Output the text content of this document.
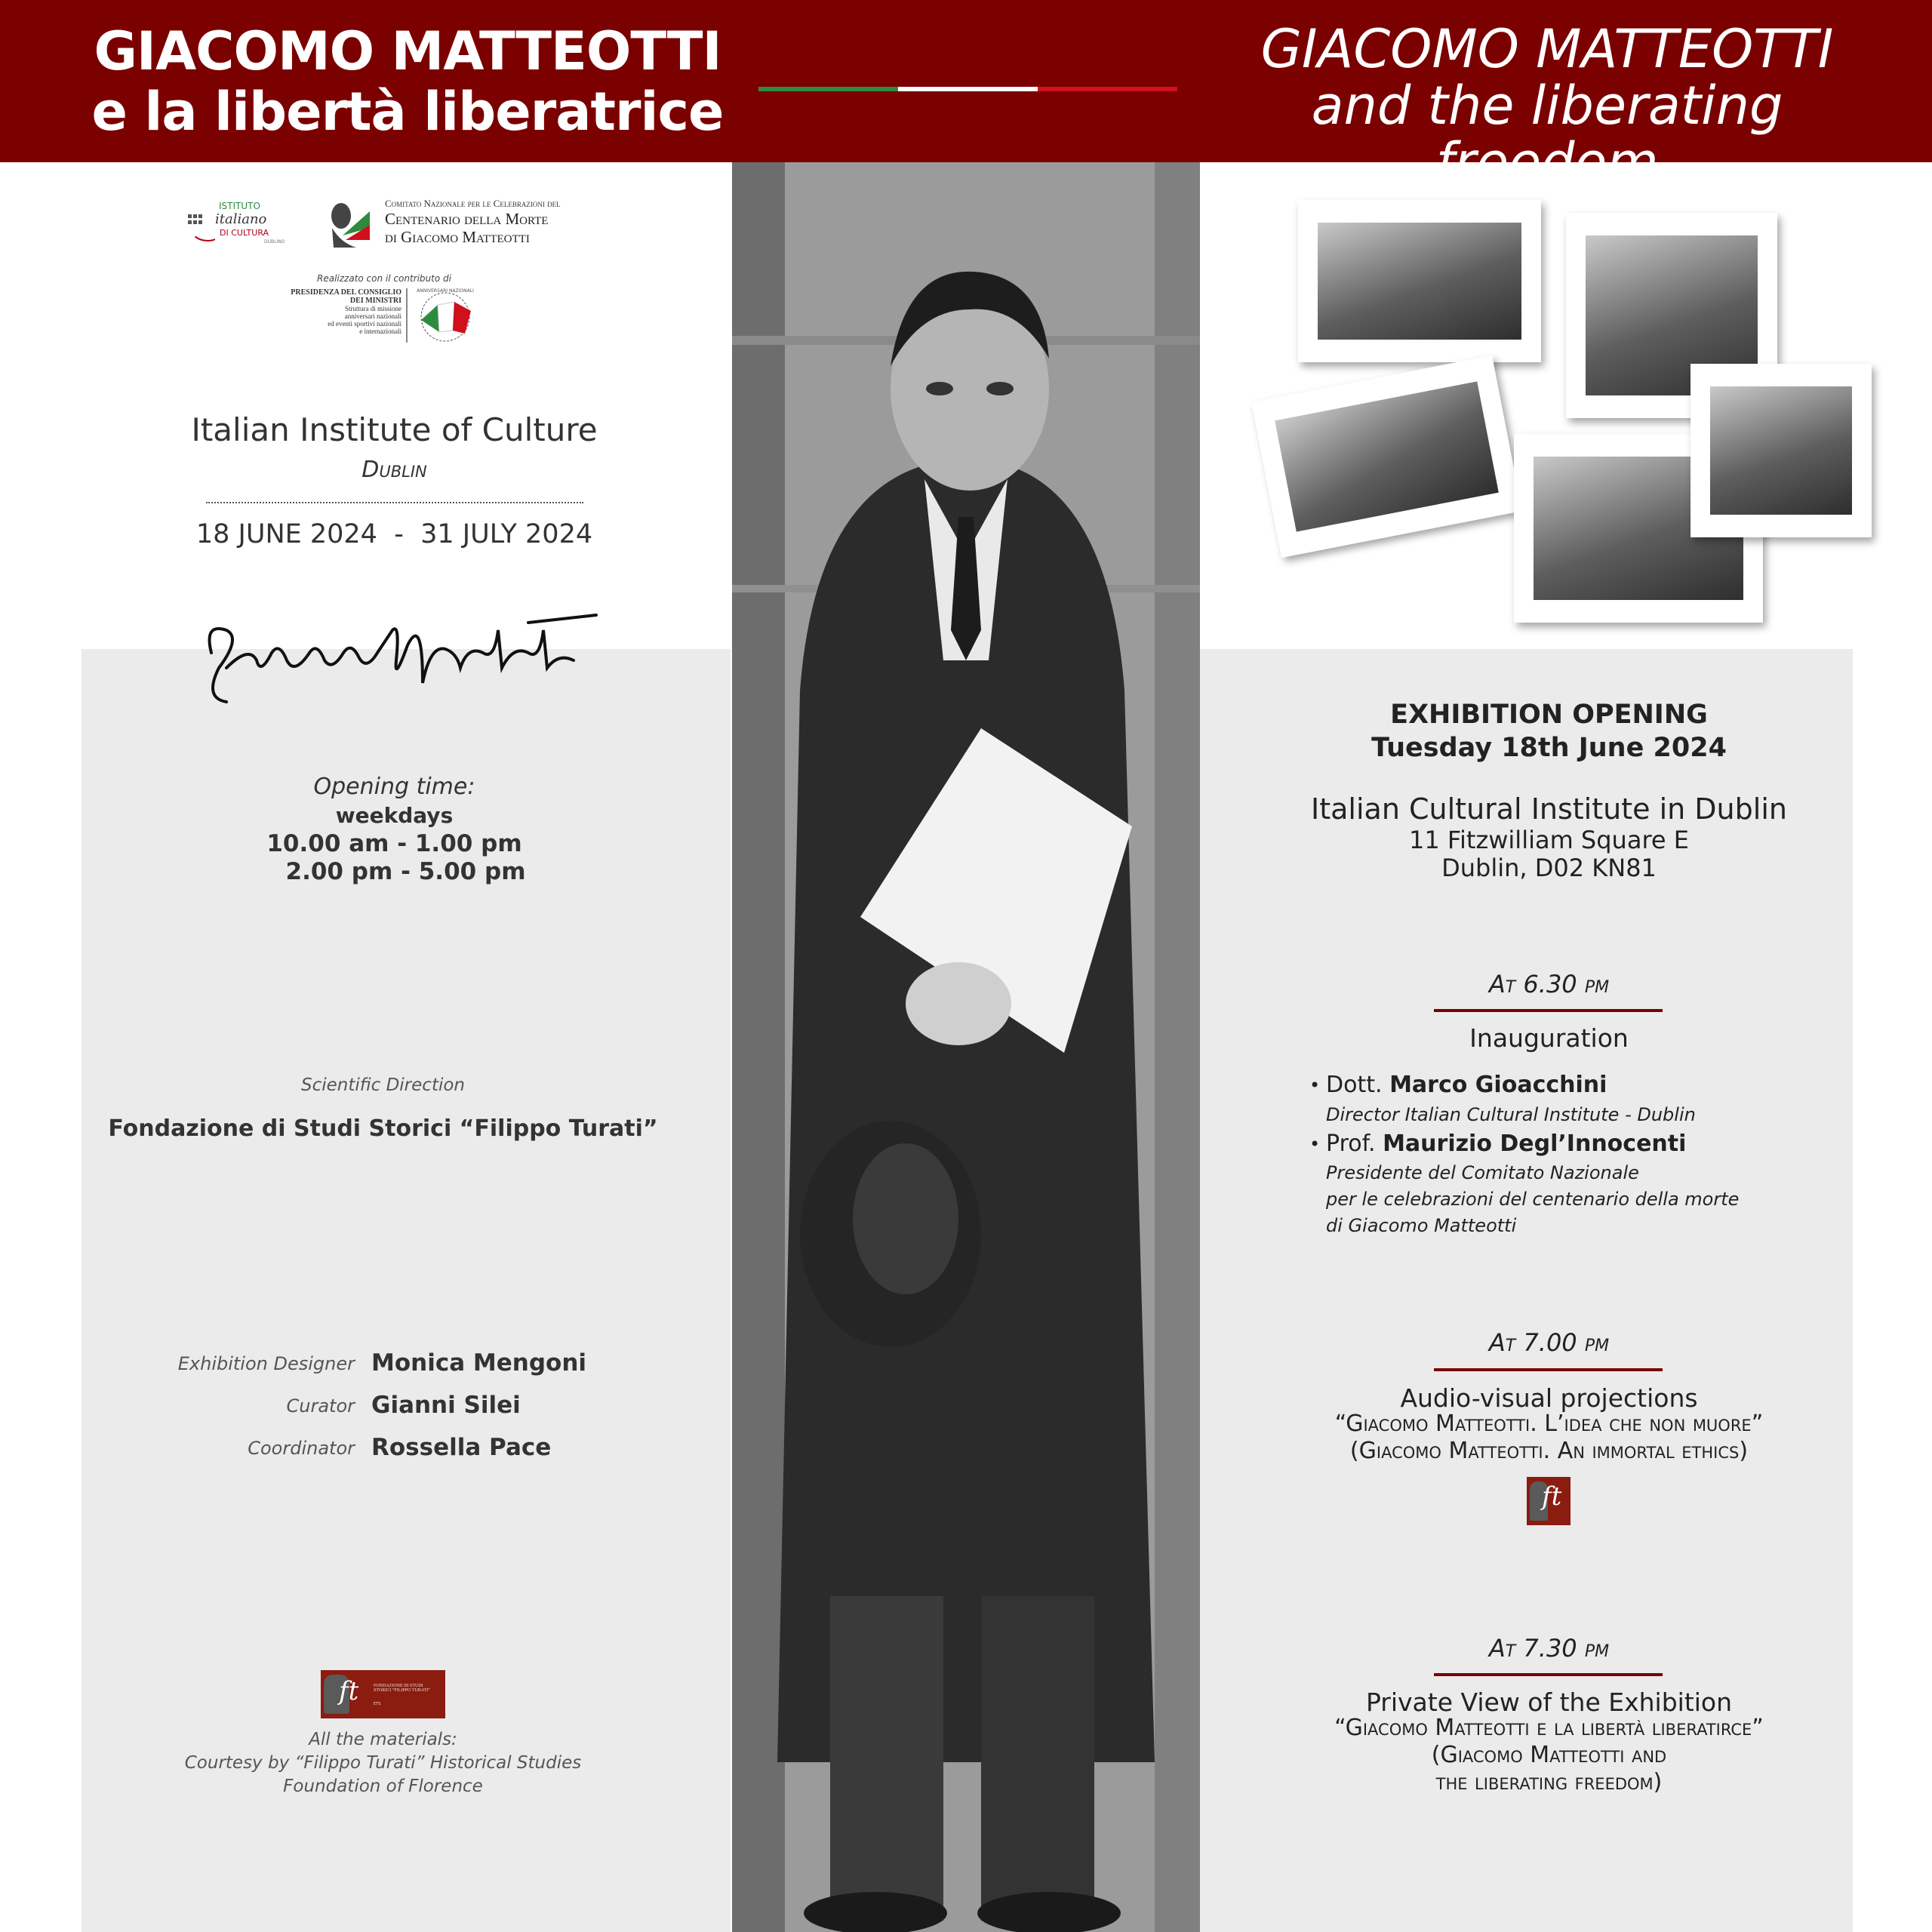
GIACOMO MATTEOTTI
e la libertà liberatrice
GIACOMO MATTEOTTI
and the liberating freedom
ISTITUTO
italiano
DI CULTURA
DUBLINO
Comitato Nazionale per le Celebrazioni del
Centenario della Morte
di Giacomo Matteotti
Realizzato con il contributo di
PRESIDENZA DEL CONSIGLIO
DEI MINISTRI
Struttura di missione
anniversari nazionali
ed eventi sportivi nazionali
e internazionali
ANNIVERSARI NAZIONALI
Italian Institute of Culture
Dublin
18 JUNE 2024  -  31 JULY 2024
Giacomo Matteotti
Opening time:
weekdays
10.00 am - 1.00 pm
2.00 pm - 5.00 pm
Scientific Direction
Fondazione di Studi Storici “Filippo Turati”
Exhibition Designer Monica Mengoni
Curator Gianni Silei
Coordinator Rossella Pace
ft	FONDAZIONE DI STUDI STORICI “FILIPPO TURATI”
ETS
All the materials:
Courtesy by “Filippo Turati” Historical Studies
Foundation of Florence
EXHIBITION OPENING
Tuesday 18th June 2024
Italian Cultural Institute in Dublin
11 Fitzwilliam Square E
Dublin, D02 KN81
At 6.30 pm
Inauguration
• Dott. Marco Gioacchini
Director Italian Cultural Institute - Dublin
• Prof. Maurizio Degl’Innocenti
Presidente del Comitato Nazionale
per le celebrazioni del centenario della morte
di Giacomo Matteotti
At 7.00 pm
Audio-visual projections
“Giacomo Matteotti. L’idea che non muore”
(Giacomo Matteotti. An immortal ethics)
ft
At 7.30 pm
Private View of the Exhibition
“Giacomo Matteotti e la libertà liberatirce”
(Giacomo Matteotti and
the liberating freedom)
